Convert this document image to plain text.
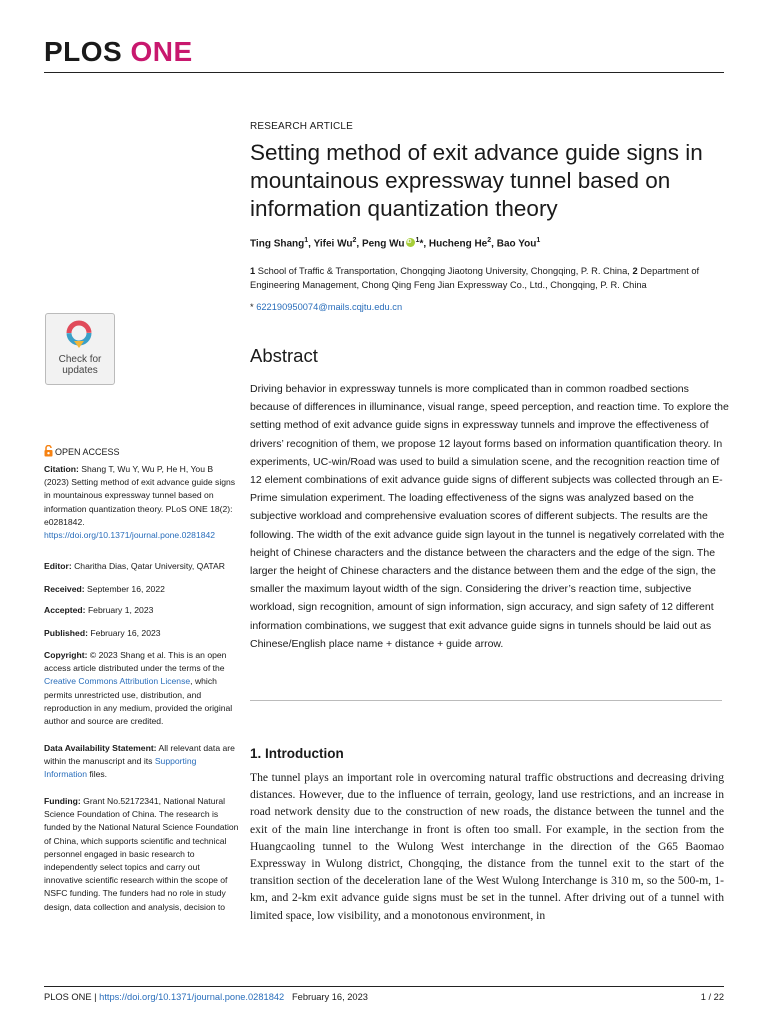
PLOS ONE
Check for
updates
OPEN ACCESS
Citation: Shang T, Wu Y, Wu P, He H, You B (2023) Setting method of exit advance guide signs in mountainous expressway tunnel based on information quantization theory. PLoS ONE 18(2): e0281842. https://doi.org/10.1371/journal.pone.0281842
Editor: Charitha Dias, Qatar University, QATAR
Received: September 16, 2022
Accepted: February 1, 2023
Published: February 16, 2023
Copyright: © 2023 Shang et al. This is an open access article distributed under the terms of the Creative Commons Attribution License, which permits unrestricted use, distribution, and reproduction in any medium, provided the original author and source are credited.
Data Availability Statement: All relevant data are within the manuscript and its Supporting Information files.
Funding: Grant No.52172341, National Natural Science Foundation of China. The research is funded by the National Natural Science Foundation of China, which supports scientific and technical personnel engaged in basic research to independently select topics and carry out innovative scientific research within the scope of NSFC funding. The funders had no role in study design, data collection and analysis, decision to
RESEARCH ARTICLE
Setting method of exit advance guide signs in mountainous expressway tunnel based on information quantization theory
Ting Shang$^1$, Yifei Wu$^2$, Peng WuiD $^1$*, Hucheng He$^2$, Bao You$^1$
1 School of Traffic & Transportation, Chongqing Jiaotong University, Chongqing, P. R. China, 2 Department of Engineering Management, Chong Qing Feng Jian Expressway Co., Ltd., Chongqing, P. R. China
* 622190950074@mails.cqjtu.edu.cn
Abstract
Driving behavior in expressway tunnels is more complicated than in common roadbed sections because of differences in illuminance, visual range, speed perception, and reaction time. To explore the setting method of exit advance guide signs in expressway tunnels and improve the effectiveness of drivers’ recognition of them, we propose 12 layout forms based on information quantification theory. In experiments, UC-win/Road was used to build a simulation scene, and the recognition reaction time of 12 element combinations of exit advance guide signs of different subjects was collected through an E-Prime simulation experiment. The loading effectiveness of the signs was analyzed based on the subjective workload and comprehensive evaluation scores of different subjects. The results are the following. The width of the exit advance guide sign layout in the tunnel is negatively correlated with the height of Chinese characters and the distance between the characters and the edge of the sign. The larger the height of Chinese characters and the distance between them and the edge of the sign, the smaller the maximum layout width of the sign. Considering the driver’s reaction time, subjective workload, sign recognition, amount of sign information, sign accuracy, and sign safety of 12 different information combinations, we suggest that exit advance guide signs in tunnels should be laid out as Chinese/English place name + distance + guide arrow.
1. Introduction
The tunnel plays an important role in overcoming natural traffic obstructions and decreasing driving distances. However, due to the influence of terrain, geology, land use restrictions, and an increase in road network density due to the construction of new roads, the distance between the tunnel and the exit of the main line interchange in front is often too small. For example, in the section from the Huangcaoling tunnel to the Wulong West interchange in the direction of the G65 Baomao Expressway in Wulong district, Chongqing, the distance from the tunnel exit to the start of the transition section of the deceleration lane of the West Wulong Interchange is 310 m, so the 500-m, 1-km, and 2-km exit advance guide signs must be set in the tunnel. After driving out of a tunnel with limited space, low visibility, and a monotonous environment, in
PLOS ONE | https://doi.org/10.1371/journal.pone.0281842 February 16, 2023	1 / 22
